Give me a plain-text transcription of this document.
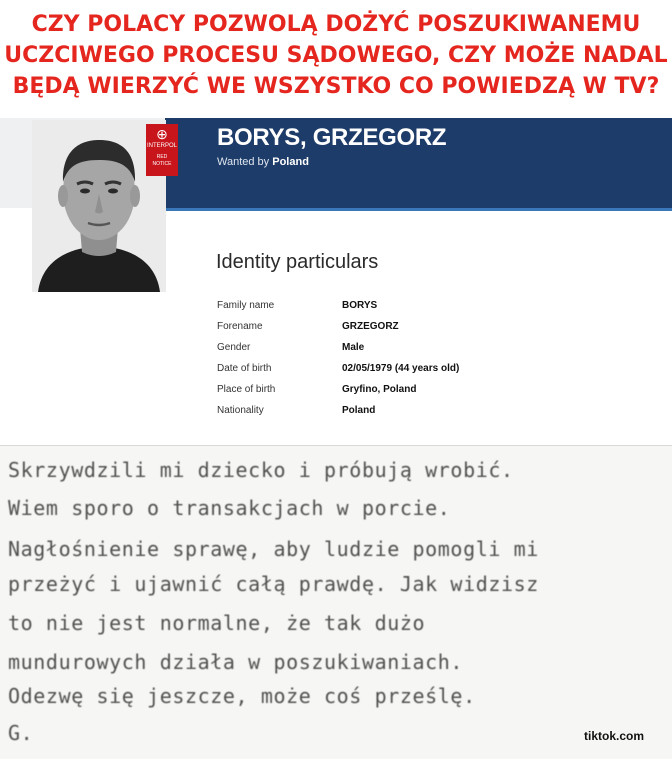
CZY POLACY POZWOLĄ DOŻYĆ POSZUKIWANEMU
UCZCIWEGO PROCESU SĄDOWEGO, CZY MOŻE NADAL
BĘDĄ WIERZYĆ WE WSZYSTKO CO POWIEDZĄ W TV?
BORYS, GRZEGORZ
Wanted by Poland
⊕
INTERPOL
RED
NOTICE
Identity particulars
Family name	BORYS
Forename	GRZEGORZ
Gender	Male
Date of birth	02/05/1979 (44 years old)
Place of birth	Gryfino, Poland
Nationality	Poland
Skrzywdzili mi dziecko i próbują wrobić.
Wiem sporo o transakcjach w porcie.
Nagłośnienie sprawę, aby ludzie pomogli mi
przeżyć i ujawnić całą prawdę. Jak widzisz
to nie jest normalne, że tak dużo
mundurowych działa w poszukiwaniach.
Odezwę się jeszcze, może coś prześlę.
G.	tiktok.com
